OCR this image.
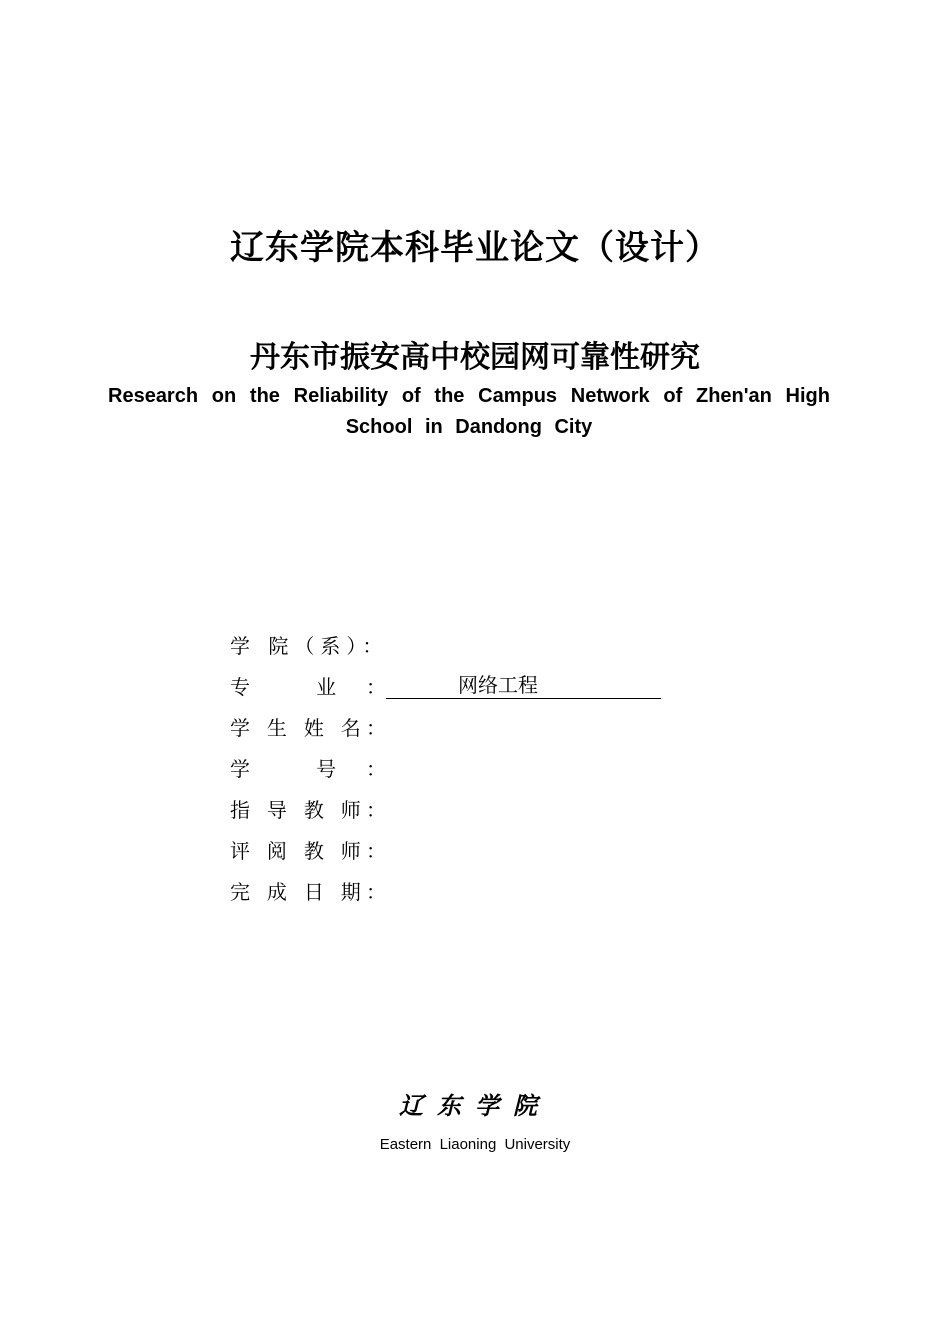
辽东学院本科毕业论文（设计）
丹东市振安高中校园网可靠性研究

Research on the Reliability of the Campus Network of Zhen'an High School in Dandong City

学 院（系）：
专 业：	网络工程
学 生 姓 名：
学 号：
指 导 教 师：
评 阅 教 师：
完 成 日 期：

辽东学院

Eastern Liaoning University
